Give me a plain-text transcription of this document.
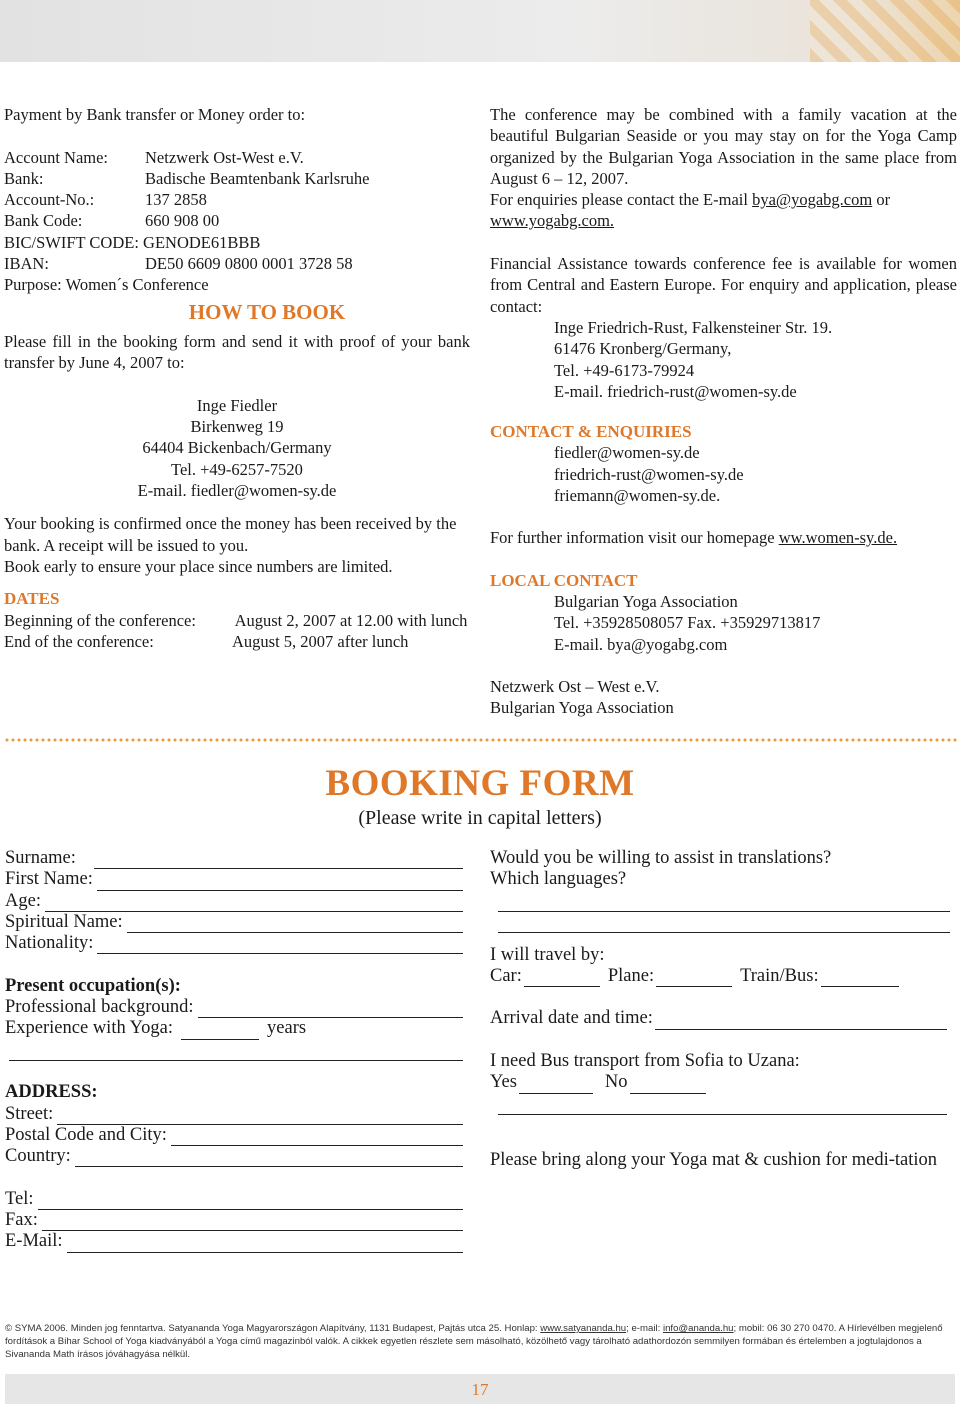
Payment by Bank transfer or Money order to:

Account Name:	Netzwerk Ost-West e.V.
Bank:	Badische Beamtenbank Karlsruhe
Account-No.:	137 2858
Bank Code:	660 908 00

BIC/SWIFT CODE: GENODE61BBB

IBAN:	DE50 6609 0800 0001 3728 58

Purpose: Women´s Conference

HOW TO BOOK

Please fill in the booking form and send it with proof of your bank transfer by June 4, 2007 to:

Inge Fiedler

Birkenweg 19

64404 Bickenbach/Germany

Tel. +49-6257-7520

E-mail. fiedler@women-sy.de

Your booking is confirmed once the money has been received by the bank. A receipt will be issued to you.

Book early to ensure your place since numbers are limited.

DATES

Beginning of the conference:	August 2, 2007 at 12.00 with lunch
End of the conference:	August 5, 2007 after lunch

The conference may be combined with a family vacation at the beautiful Bulgarian Seaside or you may stay on for the Yoga Camp organized by the Bulgarian Yoga Association in the same place from August 6 – 12, 2007.

For enquiries please contact the E-mail bya@yogabg.com or
www.yogabg.com.

Financial Assistance towards conference fee is available for women from Central and Eastern Europe. For enquiry and application, please contact:

Inge Friedrich-Rust, Falkensteiner Str. 19.

61476 Kronberg/Germany,

Tel. +49-6173-79924

E-mail. friedrich-rust@women-sy.de

CONTACT & ENQUIRIES

fiedler@women-sy.de

friedrich-rust@women-sy.de

friemann@women-sy.de.

For further information visit our homepage ww.women-sy.de.

LOCAL CONTACT

Bulgarian Yoga Association

Tel. +35928508057 Fax. +35929713817

E-mail. bya@yogabg.com

Netzwerk Ost – West e.V.

Bulgarian Yoga Association

BOOKING FORM
(Please write in capital letters)
Surname:
First Name:
Age:
Spiritual Name:
Nationality:
Present occupation(s):
Professional background:
Experience with Yoga:	years
ADDRESS:
Street:
Postal Code and City:
Country:
Tel:
Fax:
E-Mail:
Would you be willing to assist in translations?
Which languages?
I will travel by:
Car:	Plane:	Train/Bus:
Arrival date and time:
I need Bus transport from Sofia to Uzana:
Yes	No

Please bring along your Yoga mat & cushion for medi-tation

© SYMA 2006. Minden jog fenntartva. Satyananda Yoga Magyarországon Alapítvány, 1131 Budapest, Pajtás utca 25. Honlap: www.satyananda.hu; e-mail: info@ananda.hu; mobil: 06 30 270 0470. A Hírlevélben megjelenő fordítások a Bihar School of Yoga kiadványából a Yoga című magazinból valók. A cikkek egyetlen részlete sem másolható, közölhető vagy tárolható adathordozón semmilyen formában és értelemben a jogtulajdonos a Sivananda Math írásos jóváhagyása nélkül.
17
